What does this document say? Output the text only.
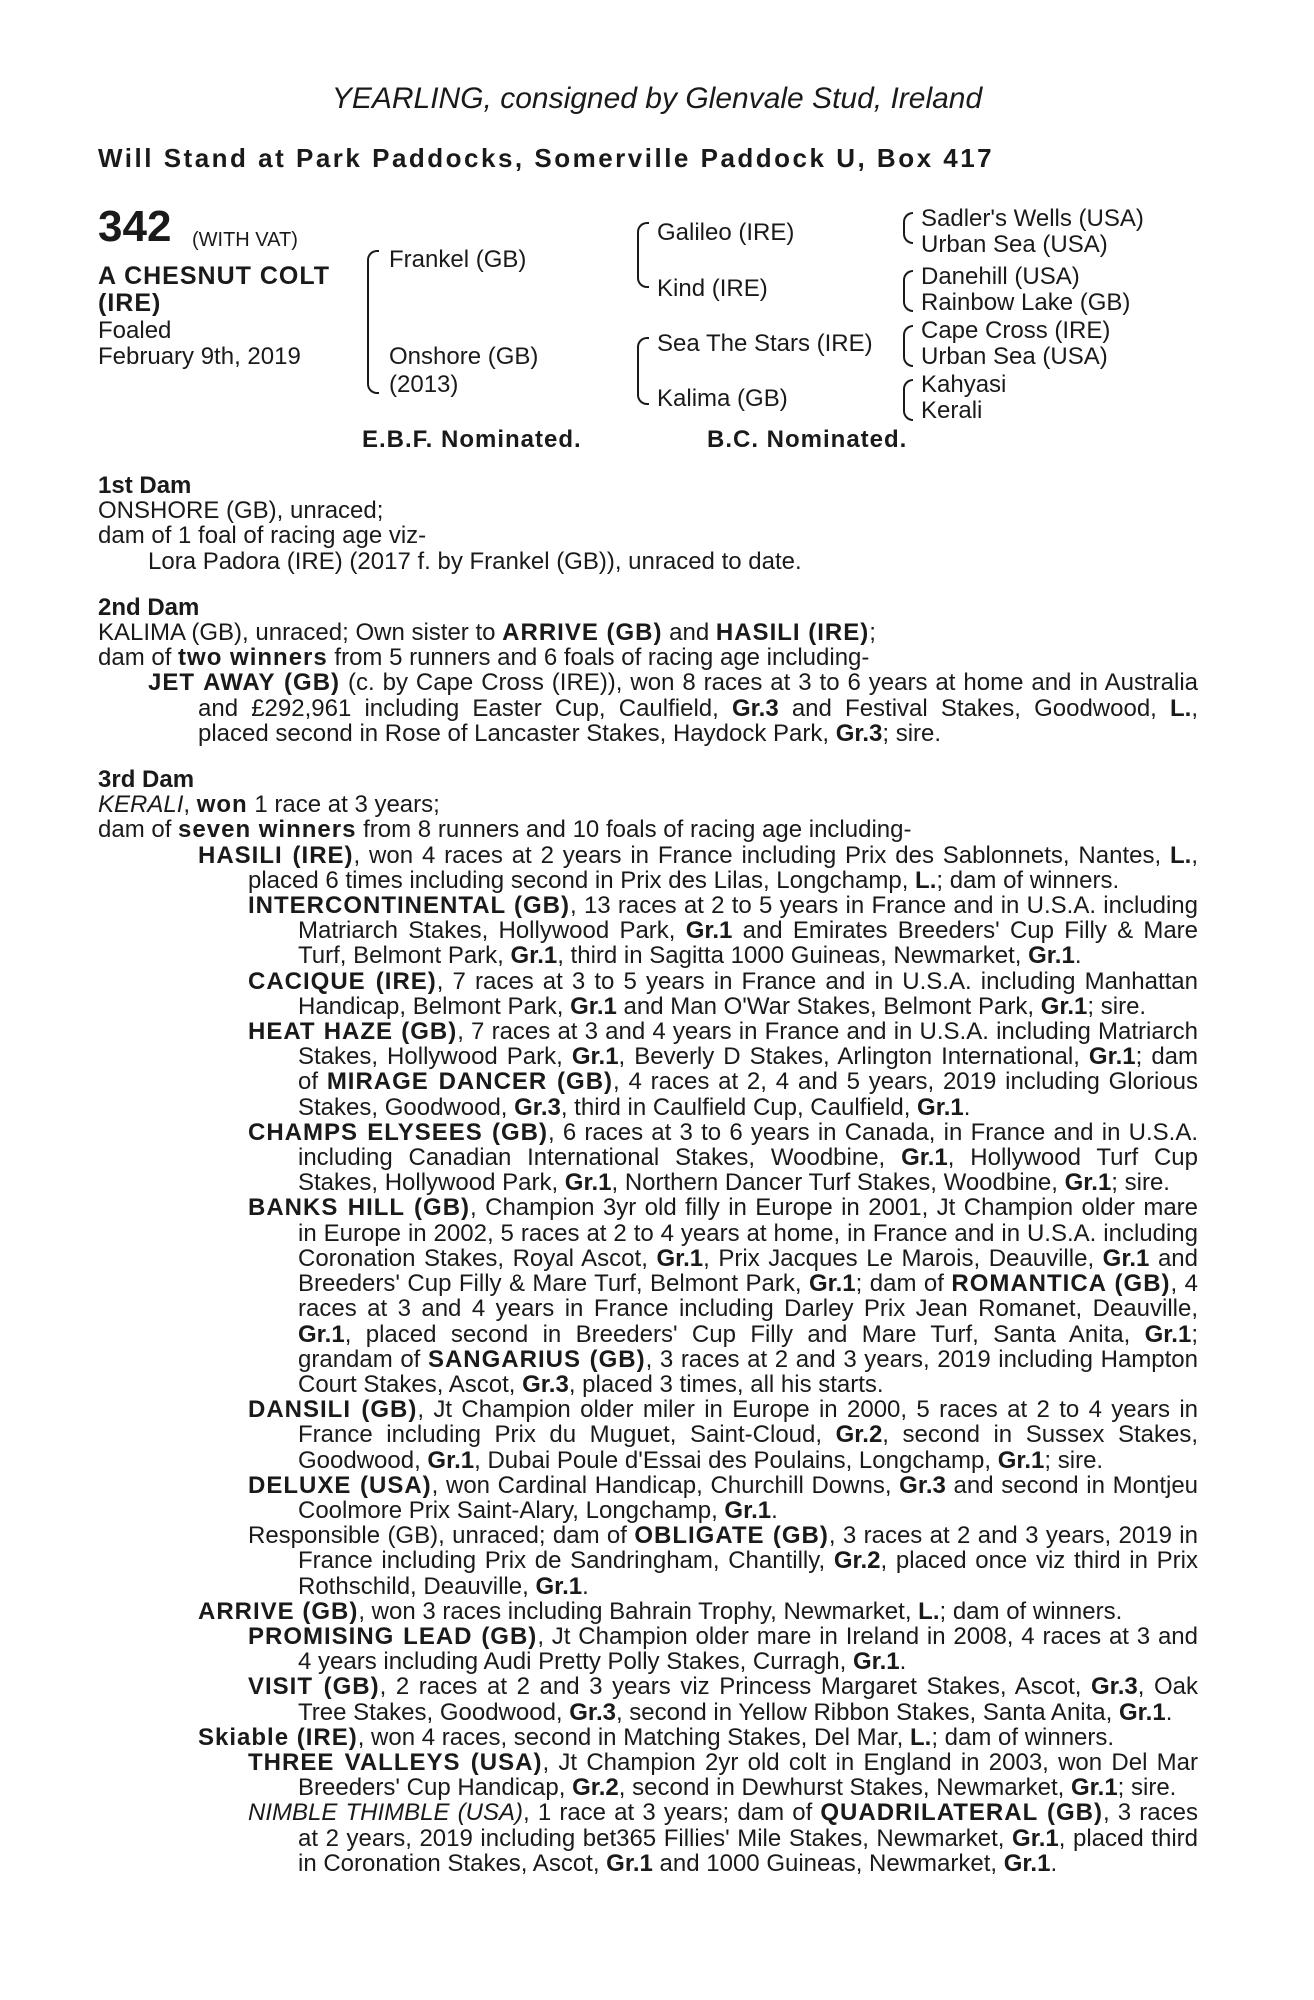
YEARLING, consigned by Glenvale Stud, Ireland
Will Stand at Park Paddocks, Somerville Paddock U, Box 417
342 (WITH VAT)
A CHESNUT COLT
(IRE)
Foaled
February 9th, 2019
Frankel (GB)
Onshore (GB)
(2013)
Galileo (IRE)
Kind (IRE)
Sea The Stars (IRE)
Kalima (GB)
Sadler's Wells (USA)
Urban Sea (USA)
Danehill (USA)
Rainbow Lake (GB)
Cape Cross (IRE)
Urban Sea (USA)
Kahyasi
Kerali
E.B.F. Nominated.	B.C. Nominated.
1st Dam
ONSHORE (GB), unraced;
dam of 1 foal of racing age viz-
Lora Padora (IRE) (2017 f. by Frankel (GB)), unraced to date.
2nd Dam
KALIMA (GB), unraced; Own sister to ARRIVE (GB) and HASILI (IRE);
dam of two winners from 5 runners and 6 foals of racing age including-
JET AWAY (GB) (c. by Cape Cross (IRE)), won 8 races at 3 to 6 years at home and in Australia and £292,961 including Easter Cup, Caulfield, Gr.3 and Festival Stakes, Goodwood, L., placed second in Rose of Lancaster Stakes, Haydock Park, Gr.3; sire.
3rd Dam
KERALI, won 1 race at 3 years;
dam of seven winners from 8 runners and 10 foals of racing age including-
HASILI (IRE), won 4 races at 2 years in France including Prix des Sablonnets, Nantes, L., placed 6 times including second in Prix des Lilas, Longchamp, L.; dam of winners.
INTERCONTINENTAL (GB), 13 races at 2 to 5 years in France and in U.S.A. including Matriarch Stakes, Hollywood Park, Gr.1 and Emirates Breeders' Cup Filly & Mare Turf, Belmont Park, Gr.1, third in Sagitta 1000 Guineas, Newmarket, Gr.1.
CACIQUE (IRE), 7 races at 3 to 5 years in France and in U.S.A. including Manhattan Handicap, Belmont Park, Gr.1 and Man O'War Stakes, Belmont Park, Gr.1; sire.
HEAT HAZE (GB), 7 races at 3 and 4 years in France and in U.S.A. including Matriarch Stakes, Hollywood Park, Gr.1, Beverly D Stakes, Arlington International, Gr.1; dam of MIRAGE DANCER (GB), 4 races at 2, 4 and 5 years, 2019 including Glorious Stakes, Goodwood, Gr.3, third in Caulfield Cup, Caulfield, Gr.1.
CHAMPS ELYSEES (GB), 6 races at 3 to 6 years in Canada, in France and in U.S.A. including Canadian International Stakes, Woodbine, Gr.1, Hollywood Turf Cup Stakes, Hollywood Park, Gr.1, Northern Dancer Turf Stakes, Woodbine, Gr.1; sire.
BANKS HILL (GB), Champion 3yr old filly in Europe in 2001, Jt Champion older mare in Europe in 2002, 5 races at 2 to 4 years at home, in France and in U.S.A. including Coronation Stakes, Royal Ascot, Gr.1, Prix Jacques Le Marois, Deauville, Gr.1 and Breeders' Cup Filly & Mare Turf, Belmont Park, Gr.1; dam of ROMANTICA (GB), 4 races at 3 and 4 years in France including Darley Prix Jean Romanet, Deauville, Gr.1, placed second in Breeders' Cup Filly and Mare Turf, Santa Anita, Gr.1; grandam of SANGARIUS (GB), 3 races at 2 and 3 years, 2019 including Hampton Court Stakes, Ascot, Gr.3, placed 3 times, all his starts.
DANSILI (GB), Jt Champion older miler in Europe in 2000, 5 races at 2 to 4 years in France including Prix du Muguet, Saint-Cloud, Gr.2, second in Sussex Stakes, Goodwood, Gr.1, Dubai Poule d'Essai des Poulains, Longchamp, Gr.1; sire.
DELUXE (USA), won Cardinal Handicap, Churchill Downs, Gr.3 and second in Montjeu Coolmore Prix Saint-Alary, Longchamp, Gr.1.
Responsible (GB), unraced; dam of OBLIGATE (GB), 3 races at 2 and 3 years, 2019 in France including Prix de Sandringham, Chantilly, Gr.2, placed once viz third in Prix Rothschild, Deauville, Gr.1.
ARRIVE (GB), won 3 races including Bahrain Trophy, Newmarket, L.; dam of winners.
PROMISING LEAD (GB), Jt Champion older mare in Ireland in 2008, 4 races at 3 and 4 years including Audi Pretty Polly Stakes, Curragh, Gr.1.
VISIT (GB), 2 races at 2 and 3 years viz Princess Margaret Stakes, Ascot, Gr.3, Oak Tree Stakes, Goodwood, Gr.3, second in Yellow Ribbon Stakes, Santa Anita, Gr.1.
Skiable (IRE), won 4 races, second in Matching Stakes, Del Mar, L.; dam of winners.
THREE VALLEYS (USA), Jt Champion 2yr old colt in England in 2003, won Del Mar Breeders' Cup Handicap, Gr.2, second in Dewhurst Stakes, Newmarket, Gr.1; sire.
NIMBLE THIMBLE (USA), 1 race at 3 years; dam of QUADRILATERAL (GB), 3 races at 2 years, 2019 including bet365 Fillies' Mile Stakes, Newmarket, Gr.1, placed third in Coronation Stakes, Ascot, Gr.1 and 1000 Guineas, Newmarket, Gr.1.
